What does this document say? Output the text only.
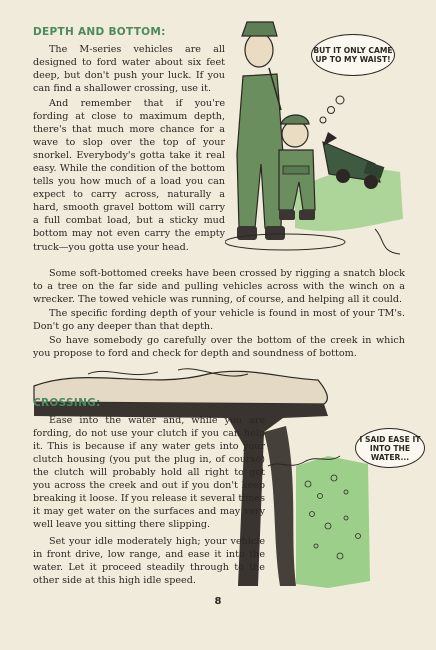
DEPTH AND BOTTOM:

The M-series vehicles are all designed to ford water about six feet deep, but don't push your luck. If you can find a shallower crossing, use it.

And remember that if you're fording at close to maximum depth, there's that much more chance for a wave to slop over the top of your snorkel. Everybody's gotta take it real easy. While the condition of the bottom tells you how much of a load you can expect to carry across, naturally a hard, smooth gravel bottom will carry a full combat load, but a sticky mud bottom may not even carry the empty truck—you gotta use your head.

Some soft-bottomed creeks have been crossed by rigging a snatch block to a tree on the far side and pulling vehicles across with the winch on a wrecker. The towed vehicle was running, of course, and helping all it could.

The specific fording depth of your vehicle is found in most of your TM's. Don't go any deeper than that depth.

So have somebody go carefully over the bottom of the creek in which you propose to ford and check for depth and soundness of bottom.

BUT IT ONLY CAME UP TO MY WAIST!
I SAID EASE IT INTO THE WATER...
CROSSING:

Ease into the water and, while you are fording, do not use your clutch if you can help it. This is because if any water gets into your clutch housing (you put the plug in, of course) the clutch will probably hold all right to get you across the creek and out if you don't keep breaking it loose. If you release it several times it may get water on the surfaces and may very well leave you sitting there slipping.

Set your idle moderately high; your vehicle in front drive, low range, and ease it into the water. Let it proceed steadily through to the other side at this high idle speed.

8
